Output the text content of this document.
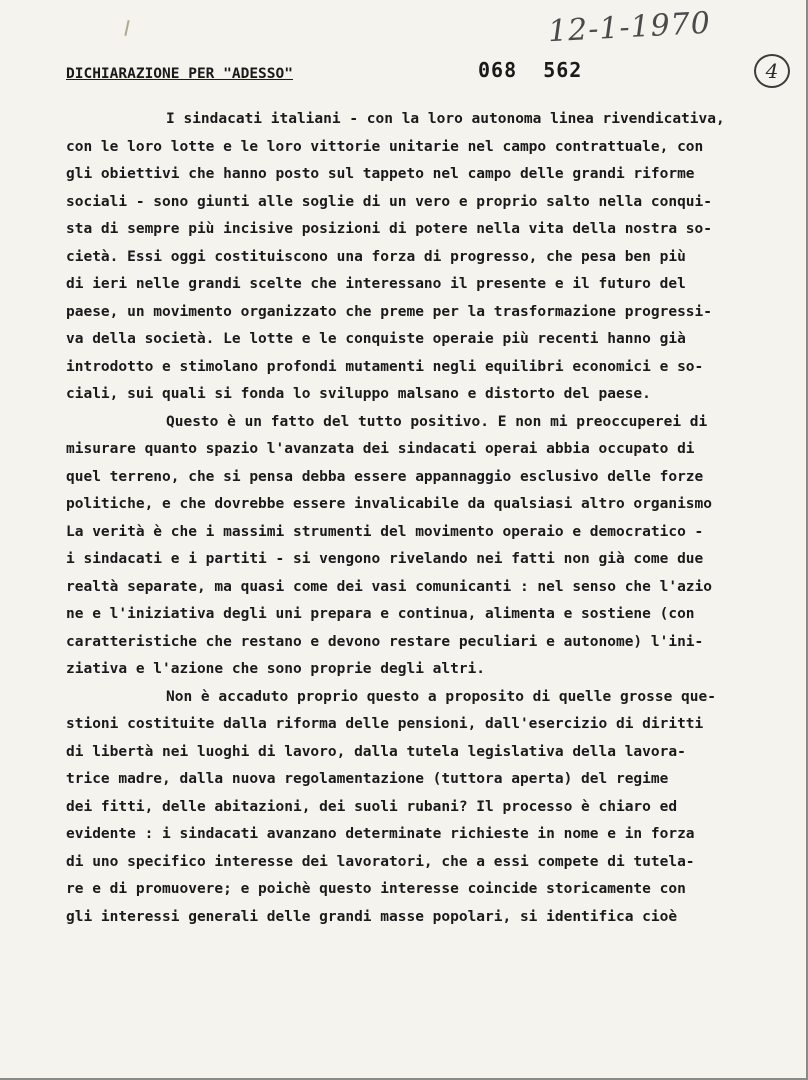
12-1-1970
4
DICHIARAZIONE PER "ADESSO"	068  562
I sindacati italiani - con la loro autonoma linea rivendicativa,
con le loro lotte e le loro vittorie unitarie nel campo contrattuale, con
gli obiettivi che hanno posto sul tappeto nel campo delle grandi riforme
sociali - sono giunti alle soglie di un vero e proprio salto nella conqui-
sta di sempre più incisive posizioni di potere nella vita della nostra so-
cietà. Essi oggi costituiscono una forza di progresso, che pesa ben più
di ieri nelle grandi scelte che interessano il presente e il futuro del
paese, un movimento organizzato che preme per la trasformazione progressi-
va della società. Le lotte e le conquiste operaie più recenti hanno già
introdotto e stimolano profondi mutamenti negli equilibri economici e so-
ciali, sui quali si fonda lo sviluppo malsano e distorto del paese.
Questo è un fatto del tutto positivo. E non mi preoccuperei di
misurare quanto spazio l'avanzata dei sindacati operai abbia occupato di
quel terreno, che si pensa debba essere appannaggio esclusivo delle forze
politiche, e che dovrebbe essere invalicabile da qualsiasi altro organismo
La verità è che i massimi strumenti del movimento operaio e democratico -
i sindacati e i partiti - si vengono rivelando nei fatti non già come due
realtà separate, ma quasi come dei vasi comunicanti : nel senso che l'azio
ne e l'iniziativa degli uni prepara e continua, alimenta e sostiene (con
caratteristiche che restano e devono restare peculiari e autonome) l'ini-
ziativa e l'azione che sono proprie degli altri.
Non è accaduto proprio questo a proposito di quelle grosse que-
stioni costituite dalla riforma delle pensioni, dall'esercizio di diritti
di libertà nei luoghi di lavoro, dalla tutela legislativa della lavora-
trice madre, dalla nuova regolamentazione (tuttora aperta) del regime
dei fitti, delle abitazioni, dei suoli rubani? Il processo è chiaro ed
evidente : i sindacati avanzano determinate richieste in nome e in forza
di uno specifico interesse dei lavoratori, che a essi compete di tutela-
re e di promuovere; e poichè questo interesse coincide storicamente con
gli interessi generali delle grandi masse popolari, si identifica cioè
